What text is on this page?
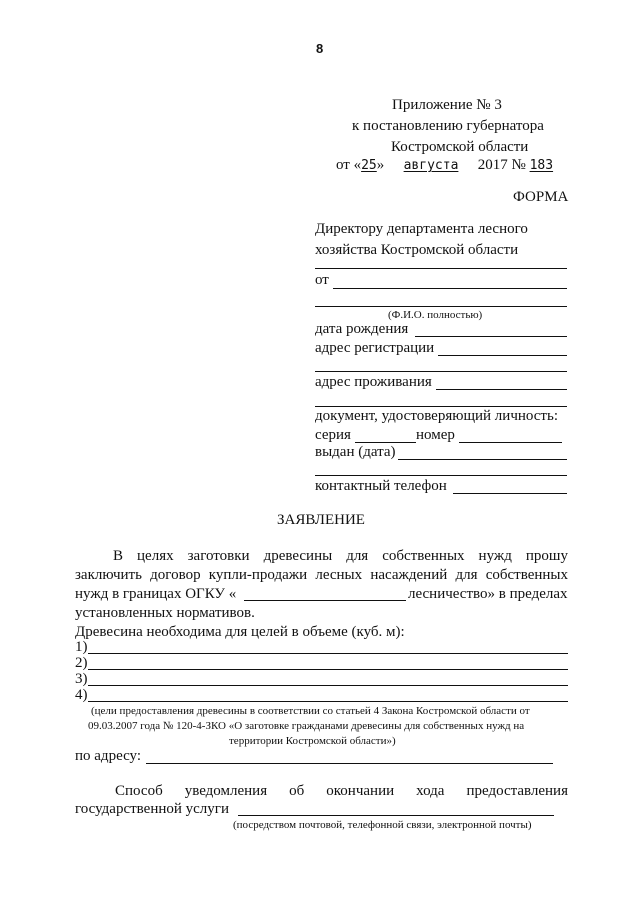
8
Приложение № 3
к постановлению губернатора
Костромской области
от «25» августа 2017 № 183
ФОРМА
Директору департамента лесного
хозяйства Костромской области
от
(Ф.И.О. полностью)
дата рождения
адрес регистрации
адрес проживания
документ, удостоверяющий личность:
серия	номер
выдан (дата)
контактный телефон
ЗАЯВЛЕНИЕ
В целях заготовки древесины для собственных нужд прошу
заключить договор купли-продажи лесных насаждений для собственных
нужд в границах ОГКУ «	лесничество» в пределах
установленных нормативов.
Древесина необходима для целей в объеме (куб. м):
1)
2)
3)
4)
(цели предоставления древесины в соответствии со статьей 4 Закона Костромской области от
09.03.2007 года № 120-4-ЗКО «О заготовке гражданами древесины для собственных нужд на
территории Костромской области»)
по адресу:
Способ уведомления об окончании хода предоставления
государственной услуги
(посредством почтовой, телефонной связи, электронной почты)
